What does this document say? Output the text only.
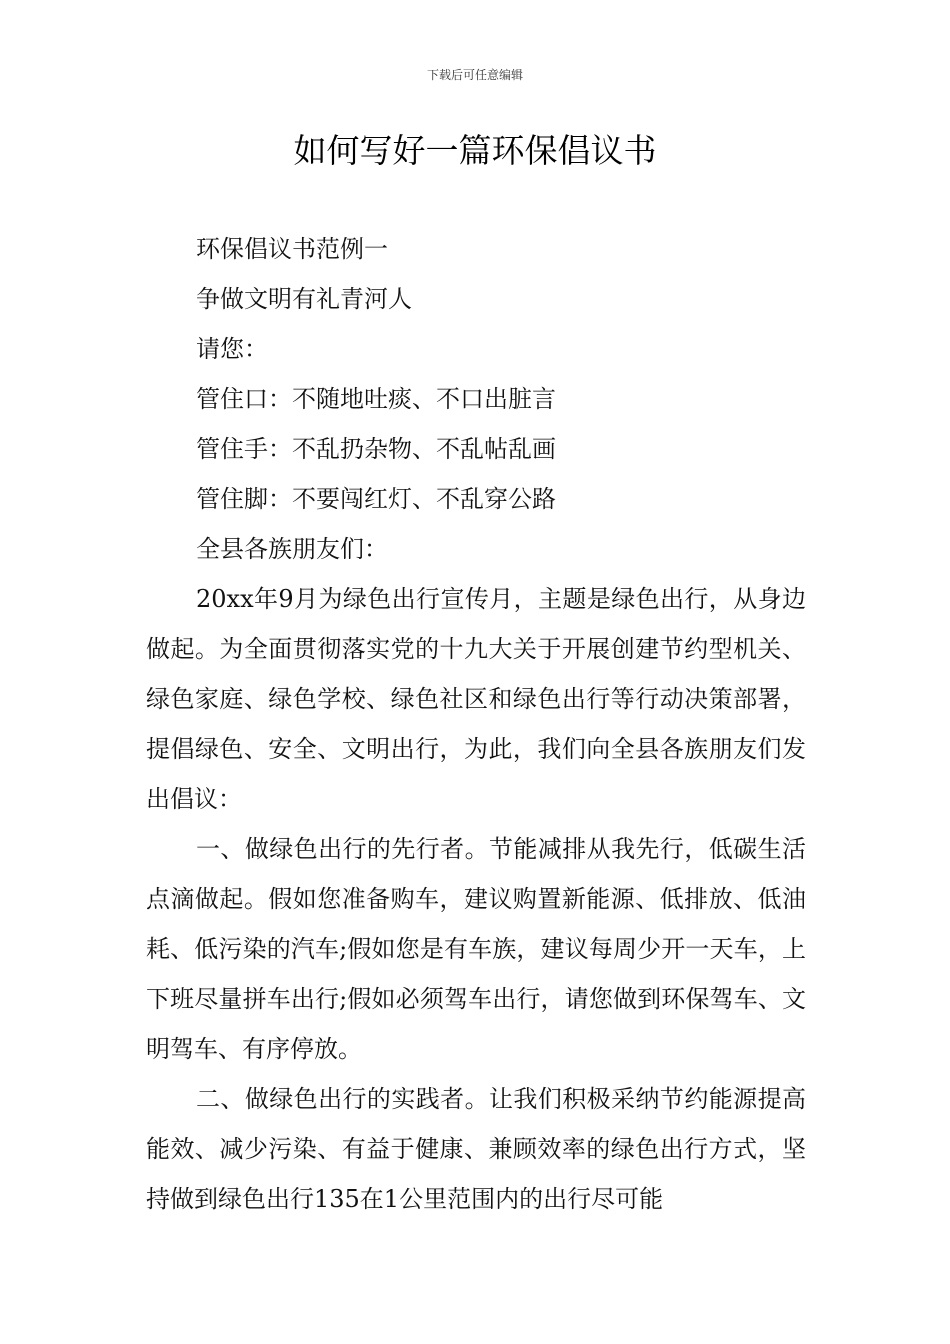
下载后可任意编辑
如何写好一篇环保倡议书

环保倡议书范例一

争做文明有礼青河人

请您：

管住口：不随地吐痰、不口出脏言

管住手：不乱扔杂物、不乱帖乱画

管住脚：不要闯红灯、不乱穿公路

全县各族朋友们：

20xx年9月为绿色出行宣传月，主题是绿色出行，从身边做起。为全面贯彻落实党的十九大关于开展创建节约型机关、绿色家庭、绿色学校、绿色社区和绿色出行等行动决策部署，提倡绿色、安全、文明出行，为此，我们向全县各族朋友们发出倡议：

一、做绿色出行的先行者。节能减排从我先行，低碳生活点滴做起。假如您准备购车，建议购置新能源、低排放、低油耗、低污染的汽车;假如您是有车族，建议每周少开一天车，上下班尽量拼车出行;假如必须驾车出行，请您做到环保驾车、文明驾车、有序停放。

二、做绿色出行的实践者。让我们积极采纳节约能源提高能效、减少污染、有益于健康、兼顾效率的绿色出行方式，坚持做到绿色出行135在1公里范围内的出行尽可能
